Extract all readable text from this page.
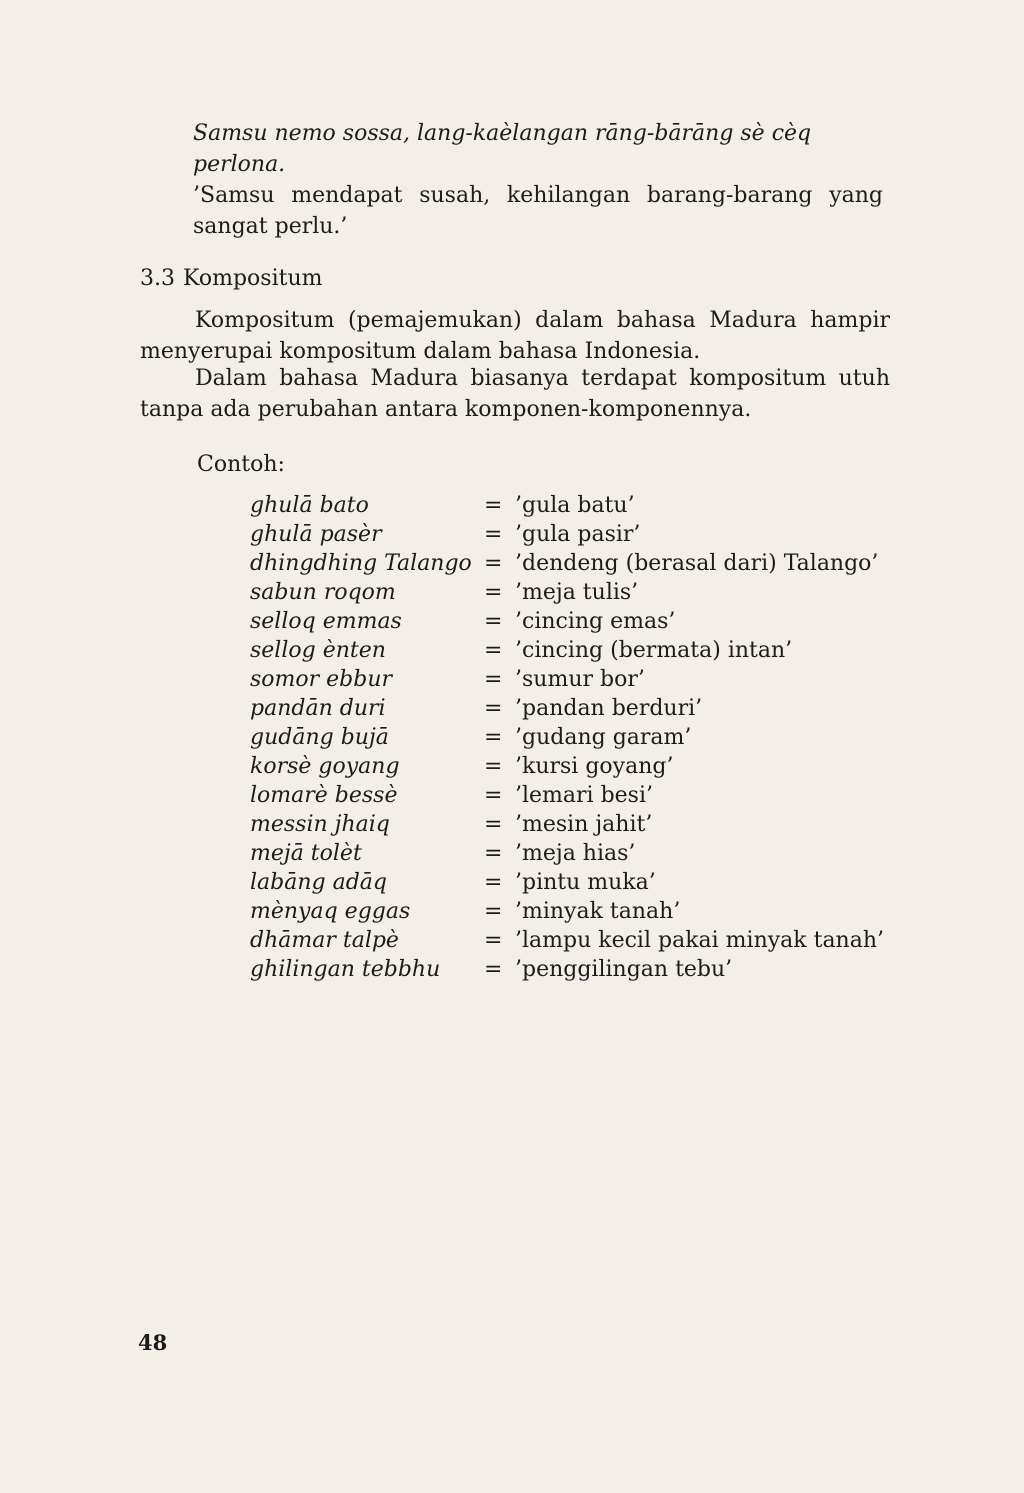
Samsu nemo sossa, lang-kaèlangan rāng-bārāng sè cèq perlona.
’Samsu mendapat susah, kehilangan barang-barang yang sangat perlu.’
3.3 Kompositum

Kompositum (pemajemukan) dalam bahasa Madura hampir menyerupai kompositum dalam bahasa Indonesia.

Dalam bahasa Madura biasanya terdapat kompositum utuh tanpa ada perubahan antara komponen-komponennya.

Contoh:
ghulā bato	= ’gula batu’
ghulā pasèr	= ’gula pasir’
dhingdhing Talango = ’dendeng (berasal dari) Talango’
sabun roqom	= ’meja tulis’
selloq emmas	= ’cincing emas’
sellog ènten	= ’cincing (bermata) intan’
somor ebbur	= ’sumur bor’
pandān duri	= ’pandan berduri’
gudāng bujā	= ’gudang garam’
korsè goyang	= ’kursi goyang’
lomarè bessè	= ’lemari besi’
messin jhaiq	= ’mesin jahit’
mejā tolèt	= ’meja hias’
labāng adāq	= ’pintu muka’
mènyaq eggas	= ’minyak tanah’
dhāmar talpè	= ’lampu kecil pakai minyak tanah’
ghilingan tebbhu = ’penggilingan tebu’
48
